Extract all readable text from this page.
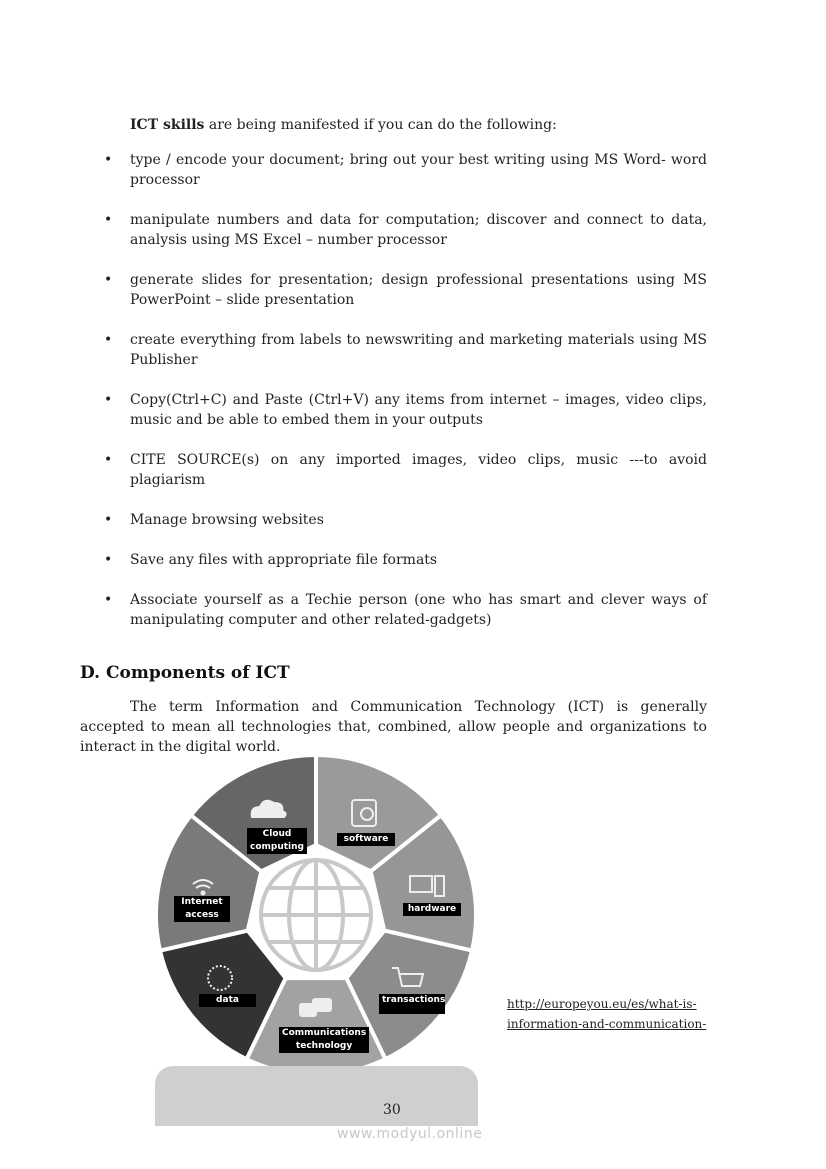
ICT skills are being manifested if you can do the following:
• type / encode your document; bring out your best writing using MS Word- word processor
• manipulate numbers and data for computation; discover and connect to data, analysis using MS Excel – number processor
• generate slides for presentation; design professional presentations using MS PowerPoint – slide presentation
• create everything from labels to newswriting and marketing materials using MS Publisher
• Copy(Ctrl+C) and Paste (Ctrl+V) any items from internet – images, video clips, music and be able to embed them in your outputs
• CITE SOURCE(s) on any imported images, video clips, music ---to avoid plagiarism
• Manage browsing websites
• Save any files with appropriate file formats
• Associate yourself as a Techie person (one who has smart and clever ways of manipulating computer and other related-gadgets)
D. Components of ICT
The term Information and Communication Technology (ICT) is generally accepted to mean all technologies that, combined, allow people and organizations to interact in the digital world.
Cloud
computing
software
hardware
transactions
Communications
technology
data
Internet
access
http://europeyou.eu/es/what-is-
information-and-communication-
30
www.modyul.online
